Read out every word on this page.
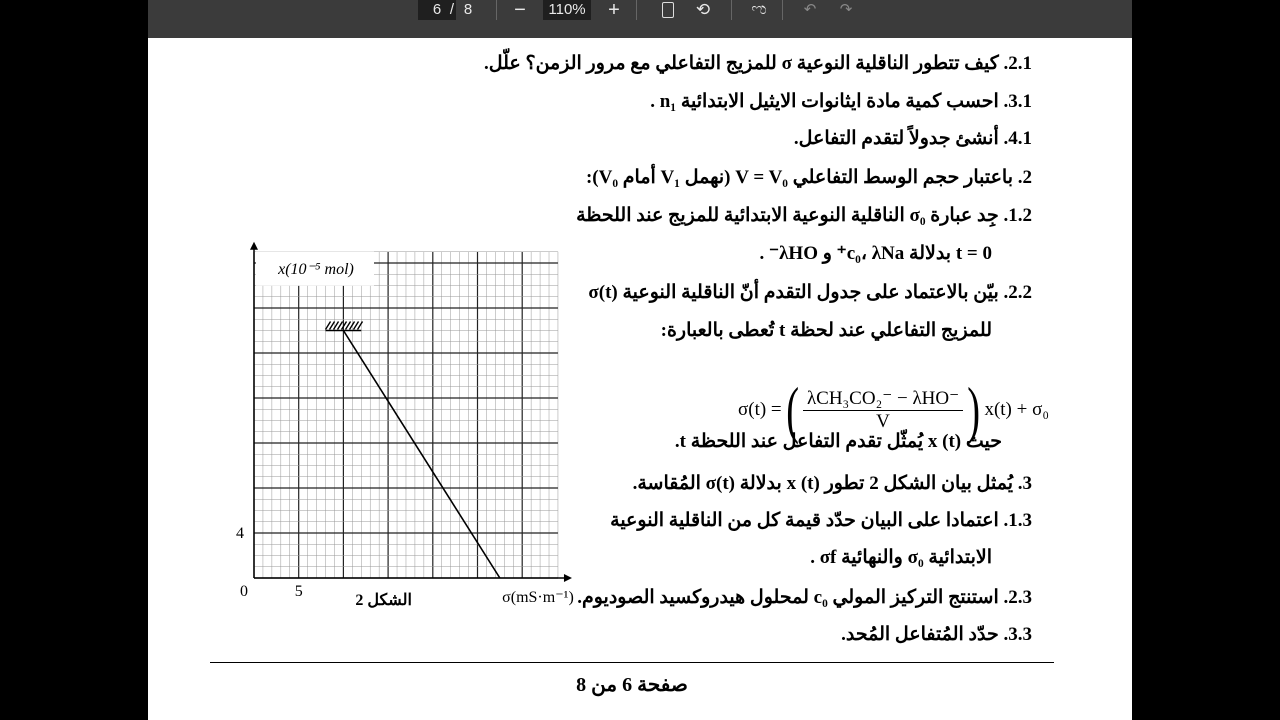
6 / 8	−	110%	+	⟲	ಌ ↶ ↷
2.1. كيف تتطور الناقلية النوعية σ للمزيج التفاعلي مع مرور الزمن؟ علّل.
3.1. احسب كمية مادة ايثانوات الايثيل الابتدائية n₁ .
4.1. أنشئ جدولاً لتقدم التفاعل.
2. باعتبار حجم الوسط التفاعلي V = V₀ (نهمل V₁ أمام V₀):
1.2. جِد عبارة σ₀ الناقلية النوعية الابتدائية للمزيج عند اللحظة
t = 0 بدلالة c₀، λNa⁺ و λHO⁻ .
2.2. بيّن بالاعتماد على جدول التقدم أنّ الناقلية النوعية σ(t)
للمزيج التفاعلي عند لحظة t تُعطى بالعبارة:
σ(t) = ( $\frac{\text{λCH₃CO₂⁻ − λHO⁻}}{V}$ ) x(t) + σ₀
حيث x (t) يُمثّل تقدم التفاعل عند اللحظة t.
3. يُمثل بيان الشكل 2 تطور x (t) بدلالة σ(t) المُقاسة.
1.3. اعتمادا على البيان حدّد قيمة كل من الناقلية النوعية
الابتدائية σ₀ والنهائية σf .
2.3. استنتج التركيز المولي c₀ لمحلول هيدروكسيد الصوديوم.
3.3. حدّد المُتفاعل المُحد.
صفحة 6 من 8
0	5
4
x(10⁻⁵ mol)
σ(mS·m⁻¹)
الشكل 2
